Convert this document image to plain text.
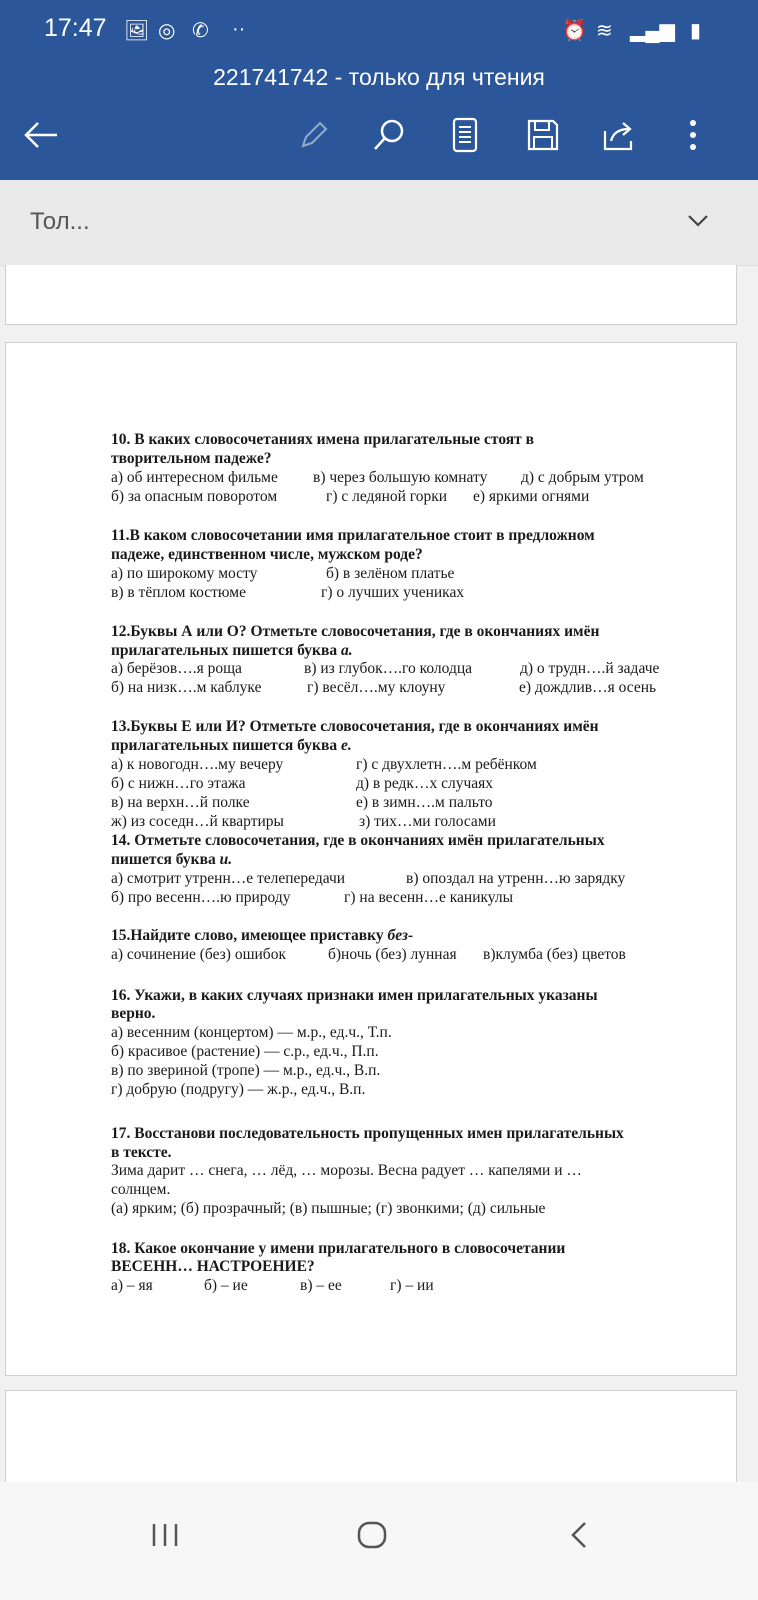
17:47 🖼 ◎ ✆ ··	⏰ ≋ ▂▄▆ ▮
221741742 - только для чтения
Тол...
10. В каких словосочетаниях имена прилагательные стоят в
творительном падеже?
а) об интересном фильме в) через большую комнату д) с добрым утром
б) за опасным поворотом	г) с ледяной горки е) яркими огнями
11.В каком словосочетании имя прилагательное стоит в предложном
падеже, единственном числе, мужском роде?
а) по широкому мосту	б) в зелёном платье
в) в тёплом костюме	г) о лучших учениках
12.Буквы А или О? Отметьте словосочетания, где в окончаниях имён
прилагательных пишется буква а.
а) берёзов….я роща	в) из глубок….го колодца	д) о трудн….й задаче
б) на низк….м каблуке	г) весёл….му клоуну	е) дождлив…я осень
13.Буквы Е или И? Отметьте словосочетания, где в окончаниях имён
прилагательных пишется буква е.
а) к новогодн….му вечеру	г) с двухлетн….м ребёнком
б) с нижн…го этажа	д) в редк…х случаях
в) на верхн…й полке	е) в зимн….м пальто
ж) из соседн…й квартиры	з) тих…ми голосами
14. Отметьте словосочетания, где в окончаниях имён прилагательных
пишется буква и.
а) смотрит утренн…е телепередачи	в) опоздал на утренн…ю зарядку
б) про весенн….ю природу	г) на весенн…е каникулы
15.Найдите слово, имеющее приставку без-
а) сочинение (без) ошибок	б)ночь (без) лунная в)клумба (без) цветов
16. Укажи, в каких случаях признаки имен прилагательных указаны
верно.
а) весенним (концертом) — м.р., ед.ч., Т.п.
б) красивое (растение) — с.р., ед.ч., П.п.
в) по звериной (тропе) — м.р., ед.ч., В.п.
г) добрую (подругу) — ж.р., ед.ч., В.п.
17. Восстанови последовательность пропущенных имен прилагательных
в тексте.
Зима дарит … снега, … лёд, … морозы. Весна радует … капелями и …
солнцем.
(а) ярким; (б) прозрачный; (в) пышные; (г) звонкими; (д) сильные
18. Какое окончание у имени прилагательного в словосочетании
ВЕСЕНН… НАСТРОЕНИЕ?
а) – яя	б) – ие	в) – ее	г) – ии
